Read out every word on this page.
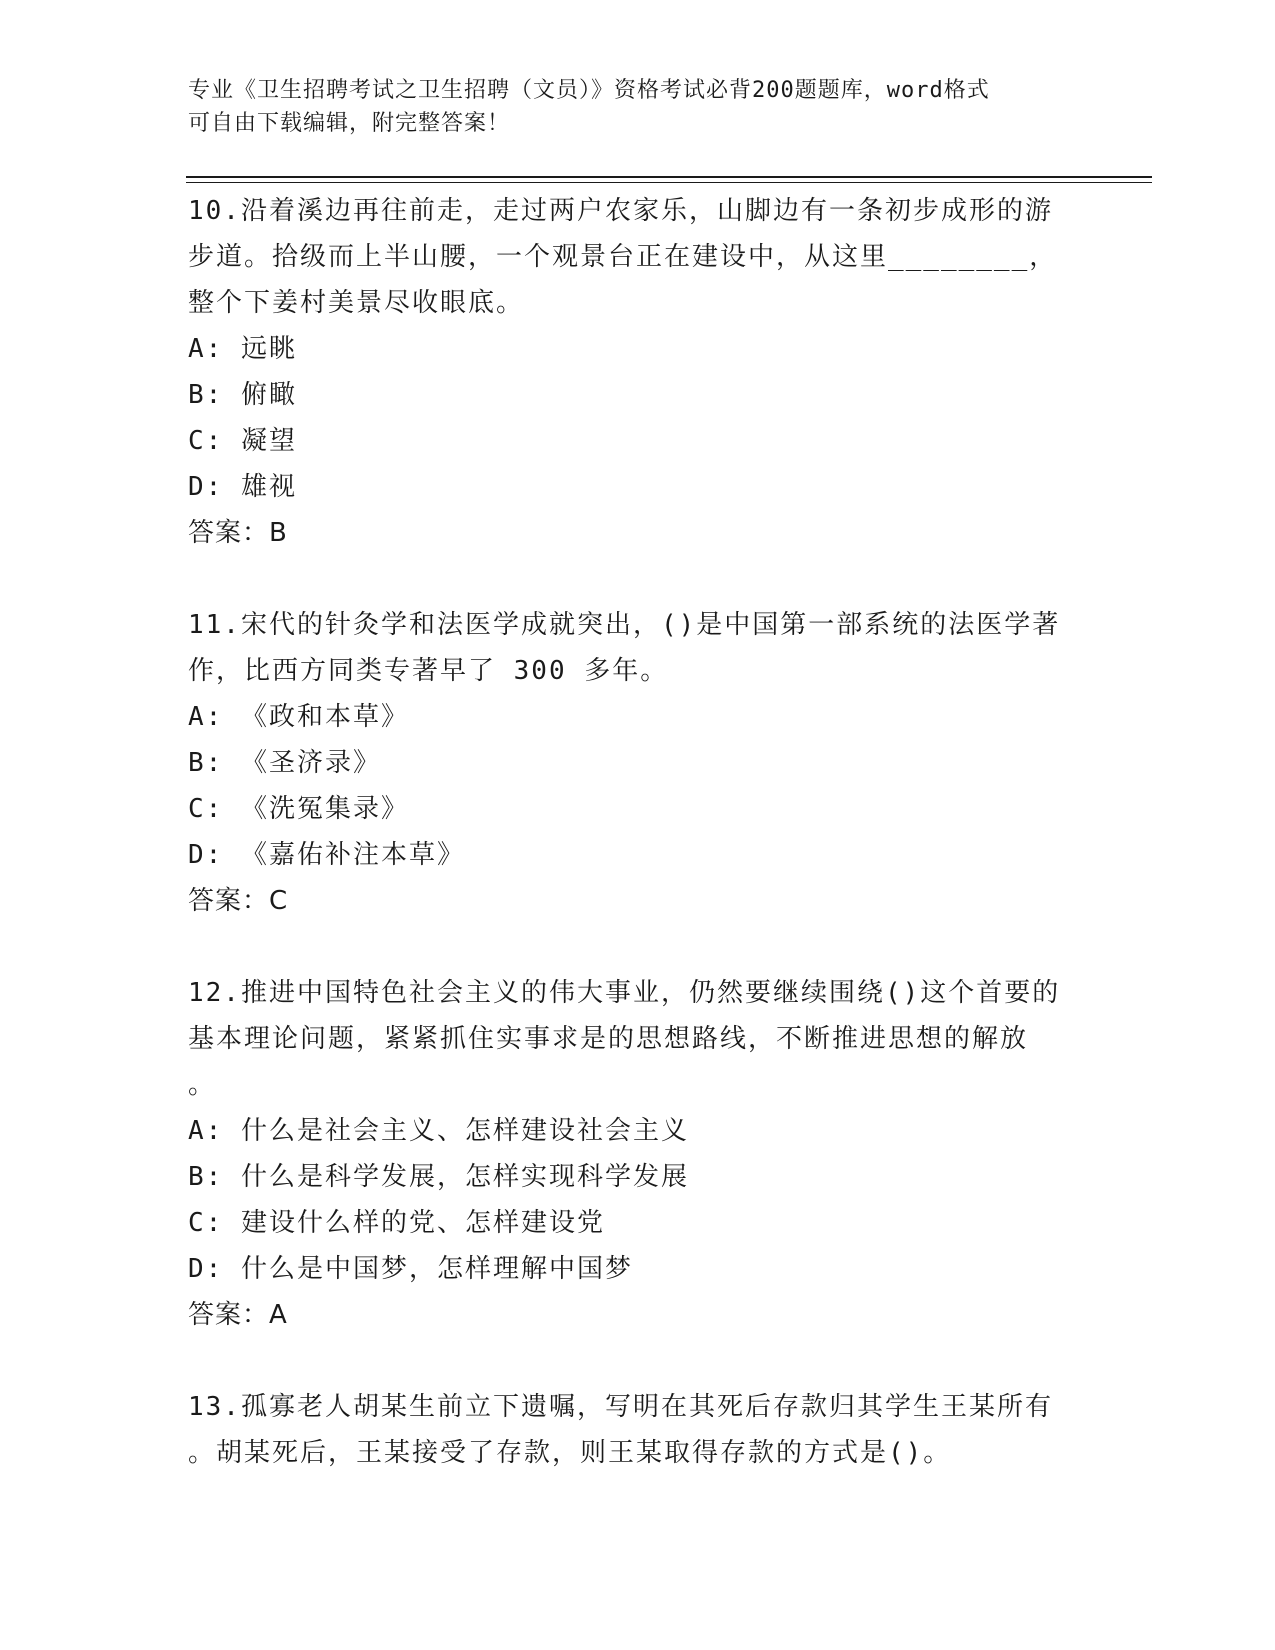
专业《卫生招聘考试之卫生招聘（文员）》资格考试必背200题题库，word格式
可自由下载编辑，附完整答案！

10.沿着溪边再往前走，走过两户农家乐，山脚边有一条初步成形的游

步道。拾级而上半山腰，一个观景台正在建设中，从这里________，

整个下姜村美景尽收眼底。

A: 远眺

B: 俯瞰

C: 凝望

D: 雄视

答案：B

11.宋代的针灸学和法医学成就突出，()是中国第一部系统的法医学著

作，比西方同类专著早了 300 多年。

A: 《政和本草》

B: 《圣济录》

C: 《洗冤集录》

D: 《嘉佑补注本草》

答案：C

12.推进中国特色社会主义的伟大事业，仍然要继续围绕()这个首要的

基本理论问题，紧紧抓住实事求是的思想路线，不断推进思想的解放

。

A: 什么是社会主义、怎样建设社会主义

B: 什么是科学发展，怎样实现科学发展

C: 建设什么样的党、怎样建设党

D: 什么是中国梦，怎样理解中国梦

答案：A

13.孤寡老人胡某生前立下遗嘱，写明在其死后存款归其学生王某所有

。胡某死后，王某接受了存款，则王某取得存款的方式是()。
